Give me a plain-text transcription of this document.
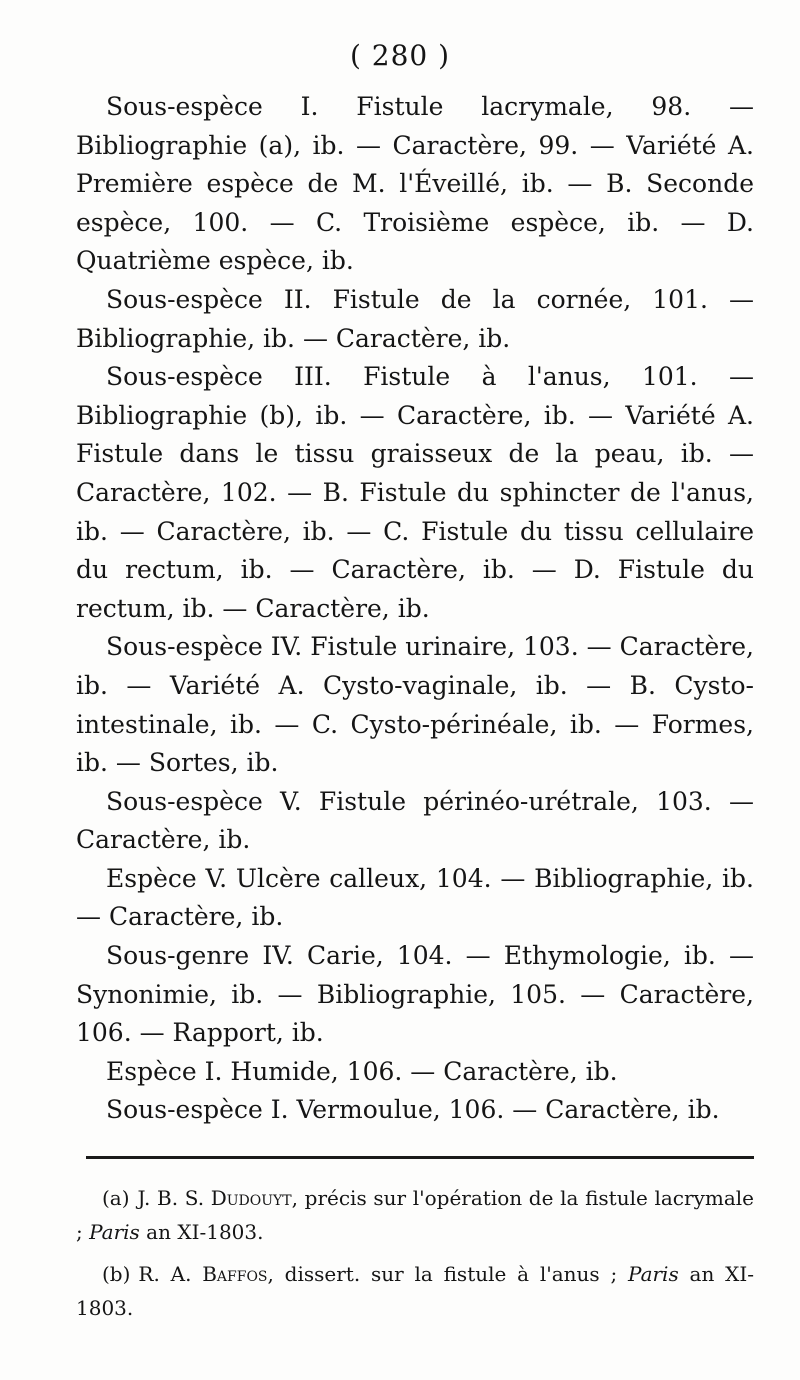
( 280 )

Sous-espèce I. Fistule lacrymale, 98. — Bibliographie (a), ib. — Caractère, 99. — Variété A. Première espèce de M. l'Éveillé, ib. — B. Seconde espèce, 100. — C. Troisième espèce, ib. — D. Quatrième espèce, ib.

Sous-espèce II. Fistule de la cornée, 101. — Bibliographie, ib. — Caractère, ib.

Sous-espèce III. Fistule à l'anus, 101. — Bibliographie (b), ib. — Caractère, ib. — Variété A. Fistule dans le tissu graisseux de la peau, ib. — Caractère, 102. — B. Fistule du sphincter de l'anus, ib. — Caractère, ib. — C. Fistule du tissu cellulaire du rectum, ib. — Caractère, ib. — D. Fistule du rectum, ib. — Caractère, ib.

Sous-espèce IV. Fistule urinaire, 103. — Caractère, ib. — Variété A. Cysto-vaginale, ib. — B. Cysto-intestinale, ib. — C. Cysto-périnéale, ib. — Formes, ib. — Sortes, ib.

Sous-espèce V. Fistule périnéo-urétrale, 103. — Caractère, ib.

Espèce V. Ulcère calleux, 104. — Bibliographie, ib. — Caractère, ib.

Sous-genre IV. Carie, 104. — Ethymologie, ib. — Synonimie, ib. — Bibliographie, 105. — Caractère, 106. — Rapport, ib.

Espèce I. Humide, 106. — Caractère, ib.

Sous-espèce I. Vermoulue, 106. — Caractère, ib.

(a) J. B. S. Dudouyt, précis sur l'opération de la fistule lacrymale ; Paris an XI-1803.

(b) R. A. Baffos, dissert. sur la fistule à l'anus ; Paris an XI-1803.
